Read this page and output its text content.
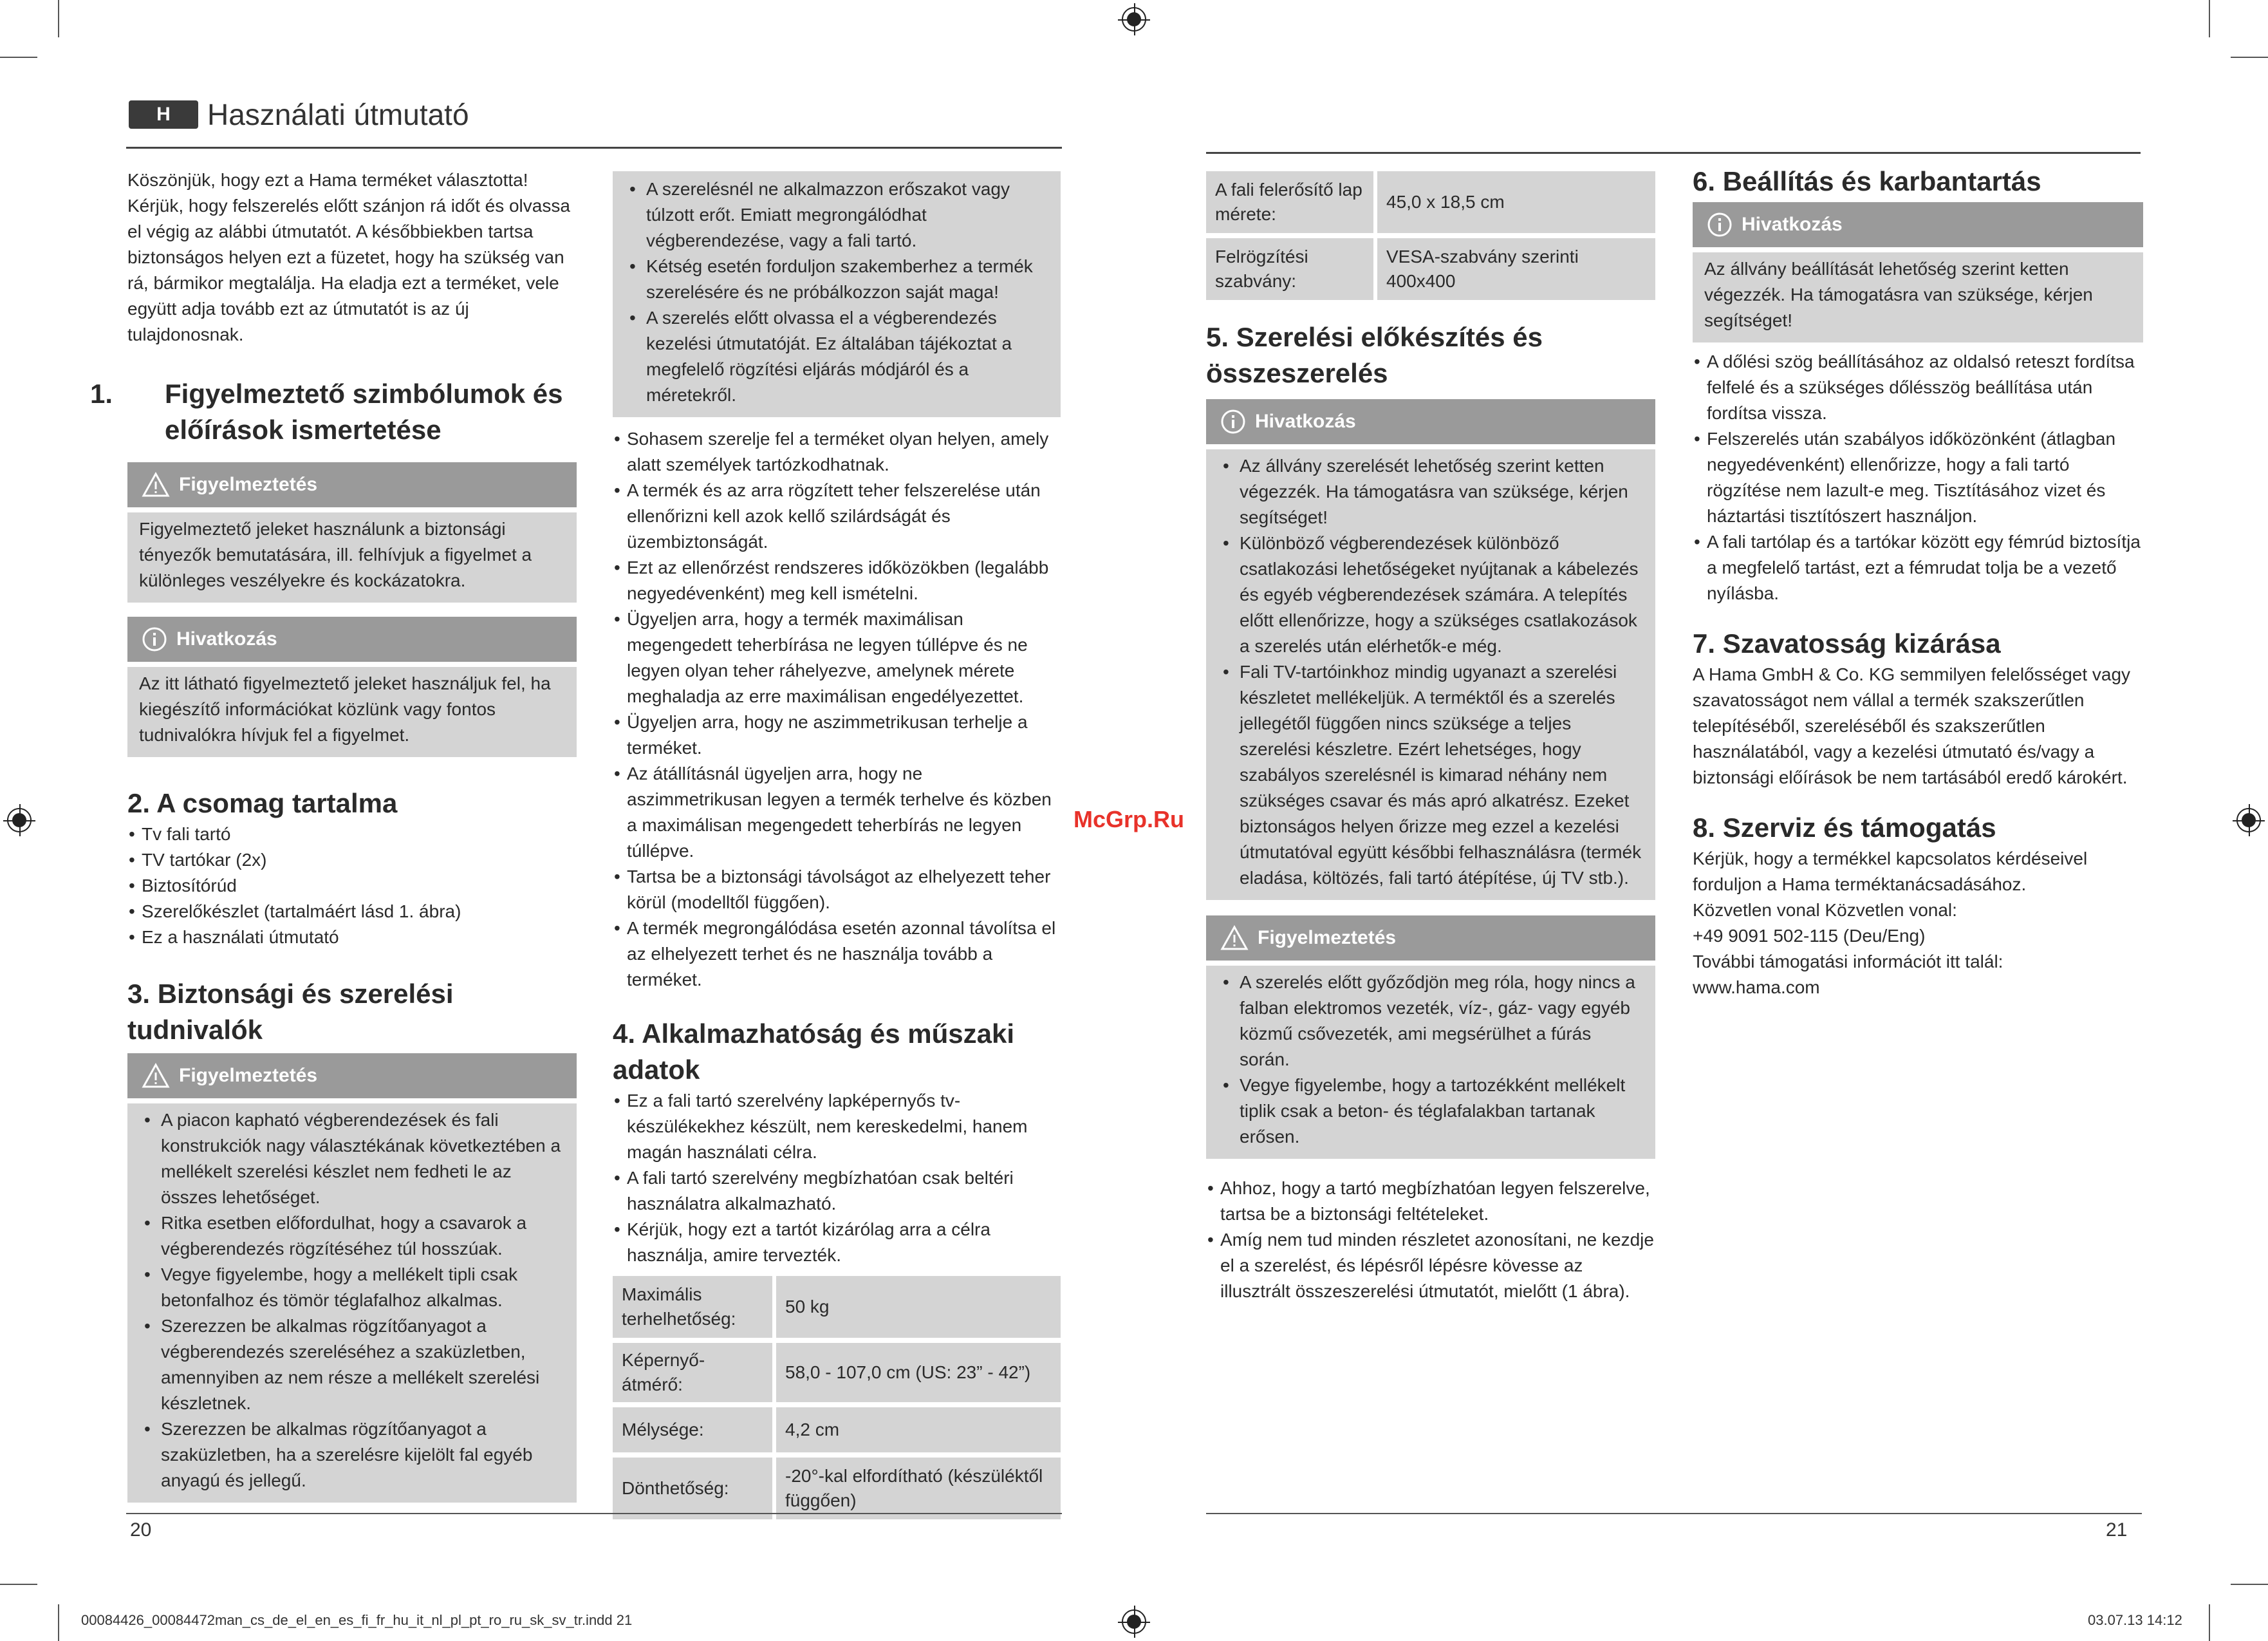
H	Használati útmutató
McGrp.Ru

Köszönjük, hogy ezt a Hama terméket választotta! Kérjük, hogy felszerelés előtt szánjon rá időt és olvassa el végig az alábbi útmutatót. A későbbiekben tartsa biztonságos helyen ezt a füzetet, hogy ha szükség van rá, bármikor megtalálja. Ha eladja ezt a terméket, vele együtt adja tovább ezt az útmutatót is az új tulajdonosnak.

1. Figyelmeztető szimbólumok és előírások ismertetése
Figyelmeztetés

Figyelmeztető jeleket használunk a biztonsági tényezők bemutatására, ill. felhívjuk a figyelmet a különleges veszélyekre és kockázatokra.

Hivatkozás

Az itt látható figyelmeztető jeleket használjuk fel, ha kiegészítő információkat közlünk vagy fontos tudnivalókra hívjuk fel a figyelmet.

2. A csomag tartalma
• Tv fali tartó
• TV tartókar (2x)
• Biztosítórúd
• Szerelőkészlet (tartalmáért lásd 1. ábra)
• Ez a használati útmutató
3. Biztonsági és szerelési tudnivalók
Figyelmeztetés
• A piacon kapható végberendezések és fali konstrukciók nagy választékának következtében a mellékelt szerelési készlet nem fedheti le az összes lehetőséget.
• Ritka esetben előfordulhat, hogy a csavarok a végberendezés rögzítéséhez túl hosszúak.
• Vegye figyelembe, hogy a mellékelt tipli csak betonfalhoz és tömör téglafalhoz alkalmas.
• Szerezzen be alkalmas rögzítőanyagot a végberendezés szereléséhez a szaküzletben, amennyiben az nem része a mellékelt szerelési készletnek.
• Szerezzen be alkalmas rögzítőanyagot a szaküzletben, ha a szerelésre kijelölt fal egyéb anyagú és jellegű.
• A szerelésnél ne alkalmazzon erőszakot vagy túlzott erőt. Emiatt megrongálódhat végberendezése, vagy a fali tartó.
• Kétség esetén forduljon szakemberhez a termék szerelésére és ne próbálkozzon saját maga!
• A szerelés előtt olvassa el a végberendezés kezelési útmutatóját. Ez általában tájékoztat a megfelelő rögzítési eljárás módjáról és a méretekről.
• Sohasem szerelje fel a terméket olyan helyen, amely alatt személyek tartózkodhatnak.
• A termék és az arra rögzített teher felszerelése után ellenőrizni kell azok kellő szilárdságát és üzembiztonságát.
• Ezt az ellenőrzést rendszeres időközökben (legalább negyedévenként) meg kell ismételni.
• Ügyeljen arra, hogy a termék maximálisan megengedett teherbírása ne legyen túllépve és ne legyen olyan teher ráhelyezve, amelynek mérete meghaladja az erre maximálisan engedélyezettet.
• Ügyeljen arra, hogy ne aszimmetrikusan terhelje a terméket.
• Az átállításnál ügyeljen arra, hogy ne aszimmetrikusan legyen a termék terhelve és közben a maximálisan megengedett teherbírás ne legyen túllépve.
• Tartsa be a biztonsági távolságot az elhelyezett teher körül (modelltől függően).
• A termék megrongálódása esetén azonnal távolítsa el az elhelyezett terhet és ne használja tovább a terméket.
4. Alkalmazhatóság és műszaki adatok
• Ez a fali tartó szerelvény lapképernyős tv-készülékekhez készült, nem kereskedelmi, hanem magán használati célra.
• A fali tartó szerelvény megbízhatóan csak beltéri használatra alkalmazható.
• Kérjük, hogy ezt a tartót kizárólag arra a célra használja, amire tervezték.
Maximális terhelhetőség:	50 kg
Képernyő-átmérő:	58,0 - 107,0 cm (US: 23” - 42”)
Mélysége:	4,2 cm
Dönthetőség:	-20°-kal elfordítható (készüléktől függően)
20
A fali felerősítő lap mérete:	45,0 x 18,5 cm
Felrögzítési szabvány:	VESA-szabvány szerinti 400x400
5. Szerelési előkészítés és összeszerelés
Hivatkozás
• Az állvány szerelését lehetőség szerint ketten végezzék. Ha támogatásra van szüksége, kérjen segítséget!
• Különböző végberendezések különböző csatlakozási lehetőségeket nyújtanak a kábelezés és egyéb végberendezések számára. A telepítés előtt ellenőrizze, hogy a szükséges csatlakozások a szerelés után elérhetők-e még.
• Fali TV-tartóinkhoz mindig ugyanazt a szerelési készletet mellékeljük. A terméktől és a szerelés jellegétől függően nincs szüksége a teljes szerelési készletre. Ezért lehetséges, hogy szabályos szerelésnél is kimarad néhány nem szükséges csavar és más apró alkatrész. Ezeket biztonságos helyen őrizze meg ezzel a kezelési útmutatóval együtt későbbi felhasználásra (termék eladása, költözés, fali tartó átépítése, új TV stb.).
Figyelmeztetés
• A szerelés előtt győződjön meg róla, hogy nincs a falban elektromos vezeték, víz-, gáz- vagy egyéb közmű csővezeték, ami megsérülhet a fúrás során.
• Vegye figyelembe, hogy a tartozékként mellékelt tiplik csak a beton- és téglafalakban tartanak erősen.
• Ahhoz, hogy a tartó megbízhatóan legyen felszerelve, tartsa be a biztonsági feltételeket.
• Amíg nem tud minden részletet azonosítani, ne kezdje el a szerelést, és lépésről lépésre kövesse az illusztrált összeszerelési útmutatót, mielőtt (1 ábra).
6. Beállítás és karbantartás
Hivatkozás

Az állvány beállítását lehetőség szerint ketten végezzék. Ha támogatásra van szüksége, kérjen segítséget!

• A dőlési szög beállításához az oldalsó reteszt fordítsa felfelé és a szükséges dőlésszög beállítása után fordítsa vissza.
• Felszerelés után szabályos időközönként (átlagban negyedévenként) ellenőrizze, hogy a fali tartó rögzítése nem lazult-e meg. Tisztításához vizet és háztartási tisztítószert használjon.
• A fali tartólap és a tartókar között egy fémrúd biztosítja a megfelelő tartást, ezt a fémrudat tolja be a vezető nyílásba.
7. Szavatosság kizárása

A Hama GmbH & Co. KG semmilyen felelősséget vagy szavatosságot nem vállal a termék szakszerűtlen telepítéséből, szereléséből és szakszerűtlen használatából, vagy a kezelési útmutató és/vagy a biztonsági előírások be nem tartásából eredő károkért.

8. Szerviz és támogatás

Kérjük, hogy a termékkel kapcsolatos kérdéseivel

forduljon a Hama terméktanácsadásához.

Közvetlen vonal Közvetlen vonal:

+49 9091 502-115 (Deu/Eng)

További támogatási információt itt talál:

www.hama.com

21
00084426_00084472man_cs_de_el_en_es_fi_fr_hu_it_nl_pl_pt_ro_ru_sk_sv_tr.indd 21	03.07.13 14:12
